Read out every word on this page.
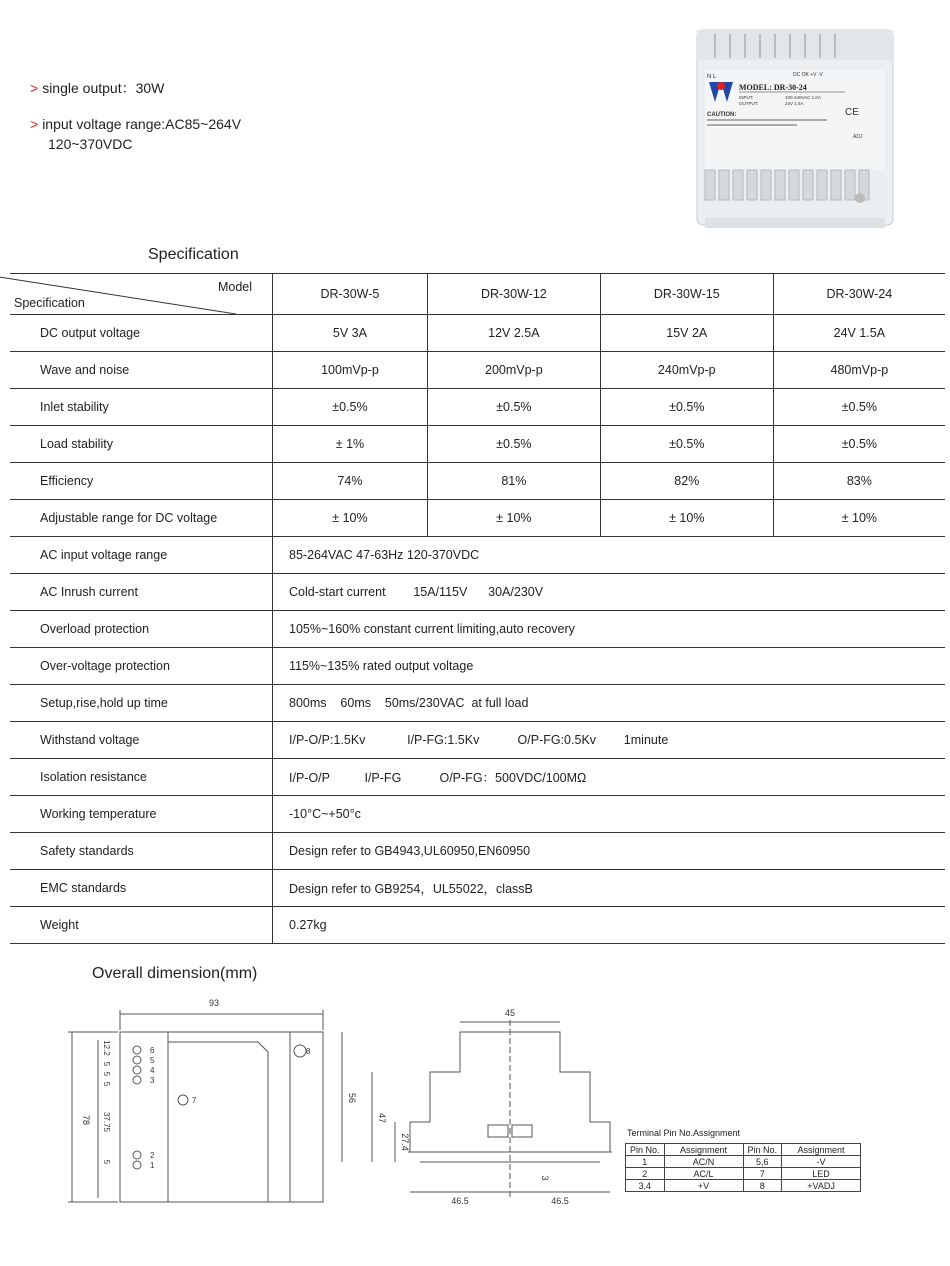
> single output：30W
> input voltage range:AC85~264V
120~370VDC
N L	DC OK +V -V
MODEL: DR-30-24
INPUT:	100-240VAC 1.0A
OUTPUT:	24V 1.5A
CAUTION:	CE
ADJ
Specification
Model
Specification	DR-30W-5	DR-30W-12	DR-30W-15	DR-30W-24
DC output voltage	5V 3A	12V 2.5A	15V 2A	24V 1.5A
Wave and noise	100mVp-p	200mVp-p	240mVp-p	480mVp-p
Inlet stability	±0.5%	±0.5%	±0.5%	±0.5%
Load stability	± 1%	±0.5%	±0.5%	±0.5%
Efficiency	74%	81%	82%	83%
Adjustable range for DC voltage	± 10%	± 10%	± 10%	± 10%
AC input voltage range	85-264VAC 47-63Hz 120-370VDC			
AC Inrush current	Cold-start current        15A/115V      30A/230V			
Overload protection	105%~160% constant current limiting,auto recovery			
Over-voltage protection	115%~135% rated output voltage			
Setup,rise,hold up time	800ms    60ms    50ms/230VAC  at full load			
Withstand voltage	I/P-O/P:1.5Kv            I/P-FG:1.5Kv           O/P-FG:0.5Kv        1minute			
Isolation resistance	I/P-O/P          I/P-FG           O/P-FG：500VDC/100MΩ			
Working temperature	-10°C~+50°c			
Safety standards	Design refer to GB4943,UL60950,EN60950			
EMC standards	Design refer to GB9254，UL55022，classB			
Weight	0.27kg			
Overall dimension(mm)
93
78
12.2
5
5
5
37.75
5
6
5
4
3
2
1
7
8
45
56
47
27.4
46.5	46.5
3
Terminal Pin No.Assignment
Pin No.	Assignment	Pin No.	Assignment
1	AC/N	5,6	-V
2	AC/L	7	LED
3,4	+V	8	+VADJ
